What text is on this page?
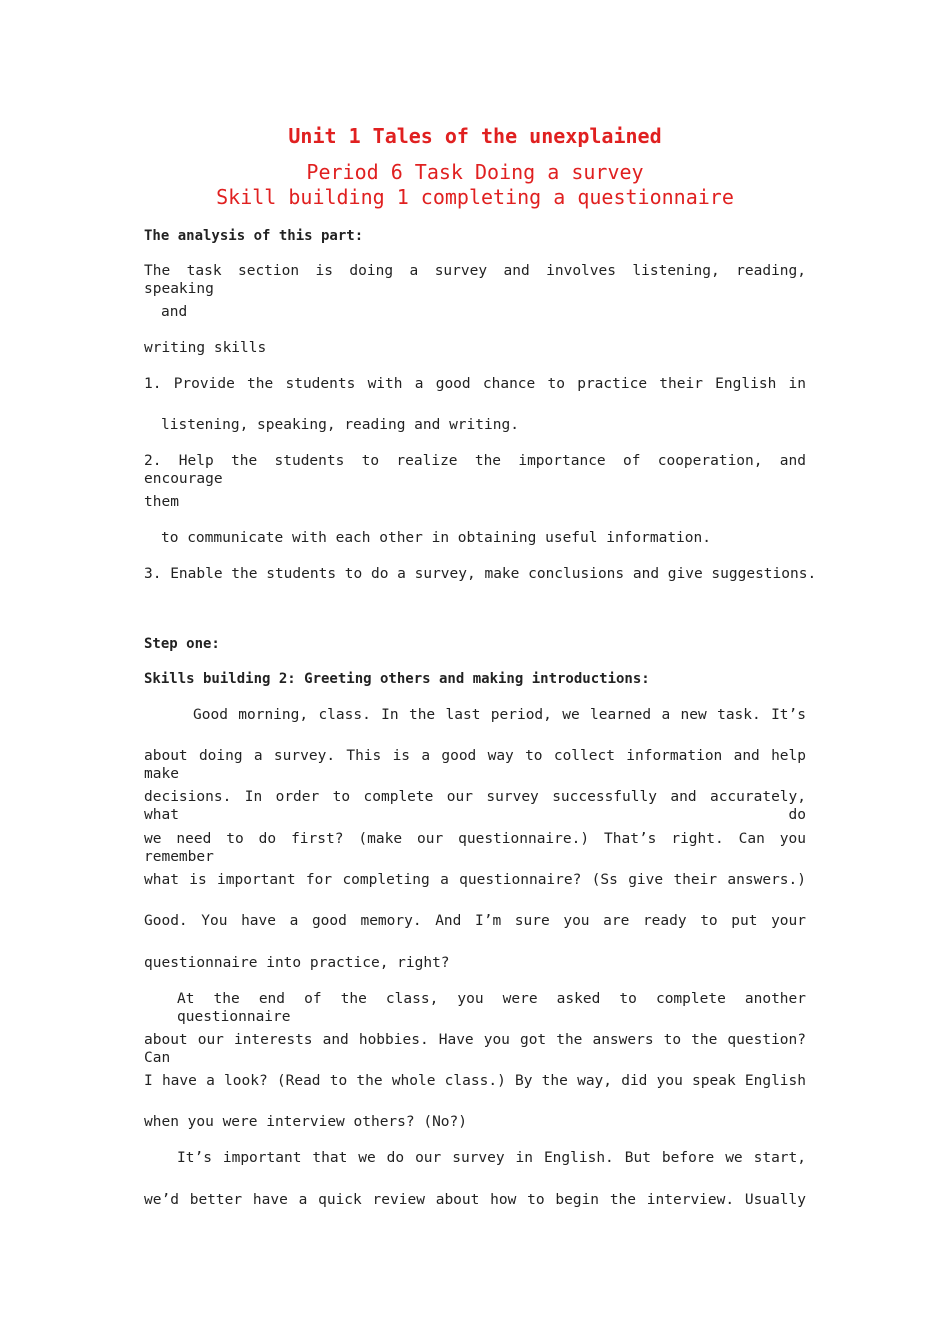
Unit 1 Tales of the unexplained
Period 6 Task Doing a survey
Skill building 1 completing a questionnaire

The analysis of this part:

The task section is doing a survey and involves listening, reading, speaking

and

writing skills

1. Provide the students with a good chance to practice their English in

listening, speaking, reading and writing.

2. Help the students to realize the importance of cooperation, and encourage

them

to communicate with each other in obtaining useful information.

3. Enable the students to do a survey, make conclusions and give suggestions.

Step one:

Skills building 2: Greeting others and making introductions:

Good morning, class. In the last period, we learned a new task. It’s

about doing a survey. This is a good way to collect information and help make

decisions. In order to complete our survey successfully and accurately, what do

we need to do first? (make our questionnaire.) That’s right. Can you remember

what is important for completing a questionnaire? (Ss give their answers.)

Good. You have a good memory. And I’m sure you are ready to put your

questionnaire into practice, right?

At the end of the class, you were asked to complete another questionnaire

about our interests and hobbies. Have you got the answers to the question? Can

I have a look? (Read to the whole class.) By the way, did you speak English

when you were interview others? (No?)

It’s important that we do our survey in English. But before we start,

we’d better have a quick review about how to begin the interview. Usually
